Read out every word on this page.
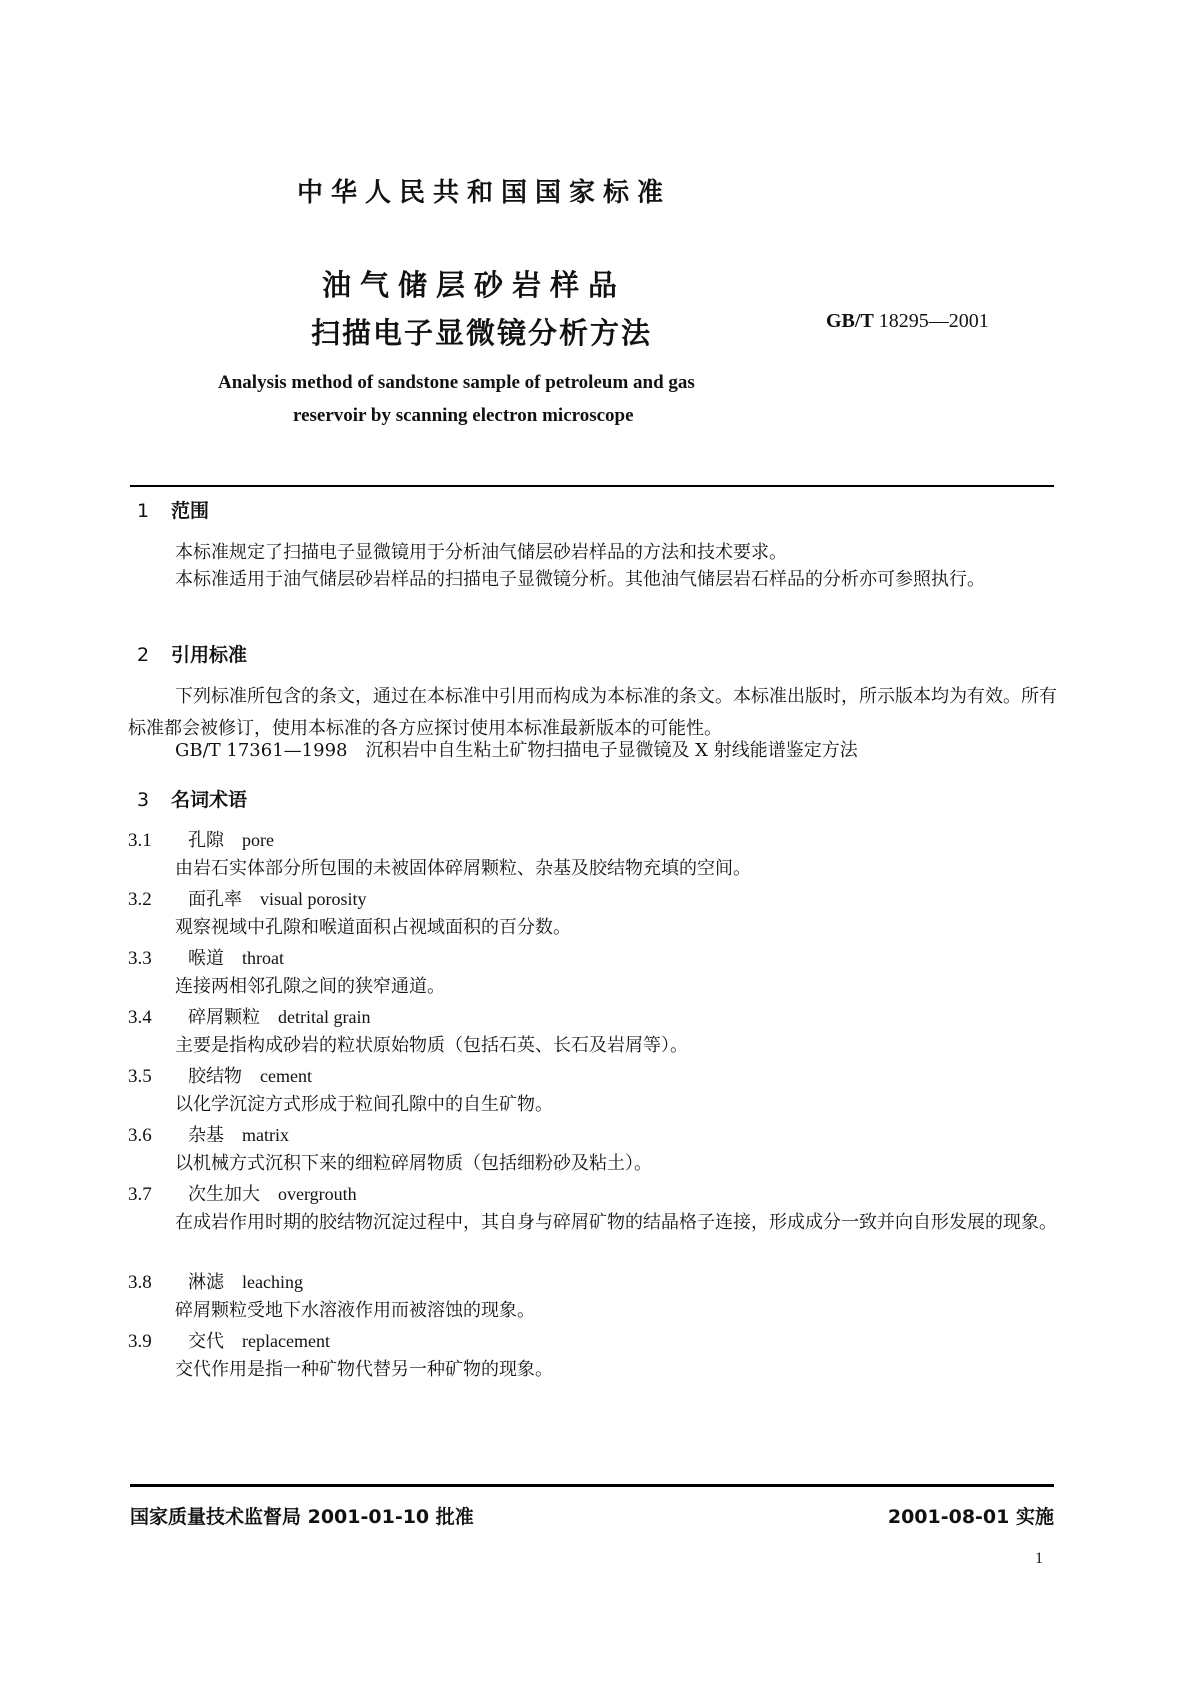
中华人民共和国国家标准
油气储层砂岩样品
扫描电子显微镜分析方法	GB/T 18295—2001
Analysis method of sandstone sample of petroleum and gas
reservoir by scanning electron microscope
1 范围
本标准规定了扫描电子显微镜用于分析油气储层砂岩样品的方法和技术要求。
本标准适用于油气储层砂岩样品的扫描电子显微镜分析。其他油气储层岩石样品的分析亦可参照执行。
2 引用标准
下列标准所包含的条文，通过在本标准中引用而构成为本标准的条文。本标准出版时，所示版本均为有效。所有标准都会被修订，使用本标准的各方应探讨使用本标准最新版本的可能性。
GB/T 17361—1998　沉积岩中自生粘土矿物扫描电子显微镜及 X 射线能谱鉴定方法
3 名词术语
3.1 孔隙 pore
由岩石实体部分所包围的未被固体碎屑颗粒、杂基及胶结物充填的空间。
3.2 面孔率 visual porosity
观察视域中孔隙和喉道面积占视域面积的百分数。
3.3 喉道 throat
连接两相邻孔隙之间的狭窄通道。
3.4 碎屑颗粒 detrital grain
主要是指构成砂岩的粒状原始物质（包括石英、长石及岩屑等）。
3.5 胶结物 cement
以化学沉淀方式形成于粒间孔隙中的自生矿物。
3.6 杂基 matrix
以机械方式沉积下来的细粒碎屑物质（包括细粉砂及粘土）。
3.7 次生加大 overgrouth
在成岩作用时期的胶结物沉淀过程中，其自身与碎屑矿物的结晶格子连接，形成成分一致并向自形发展的现象。
3.8 淋滤 leaching
碎屑颗粒受地下水溶液作用而被溶蚀的现象。
3.9 交代 replacement
交代作用是指一种矿物代替另一种矿物的现象。
国家质量技术监督局 2001-01-10 批准	2001-08-01 实施
1
